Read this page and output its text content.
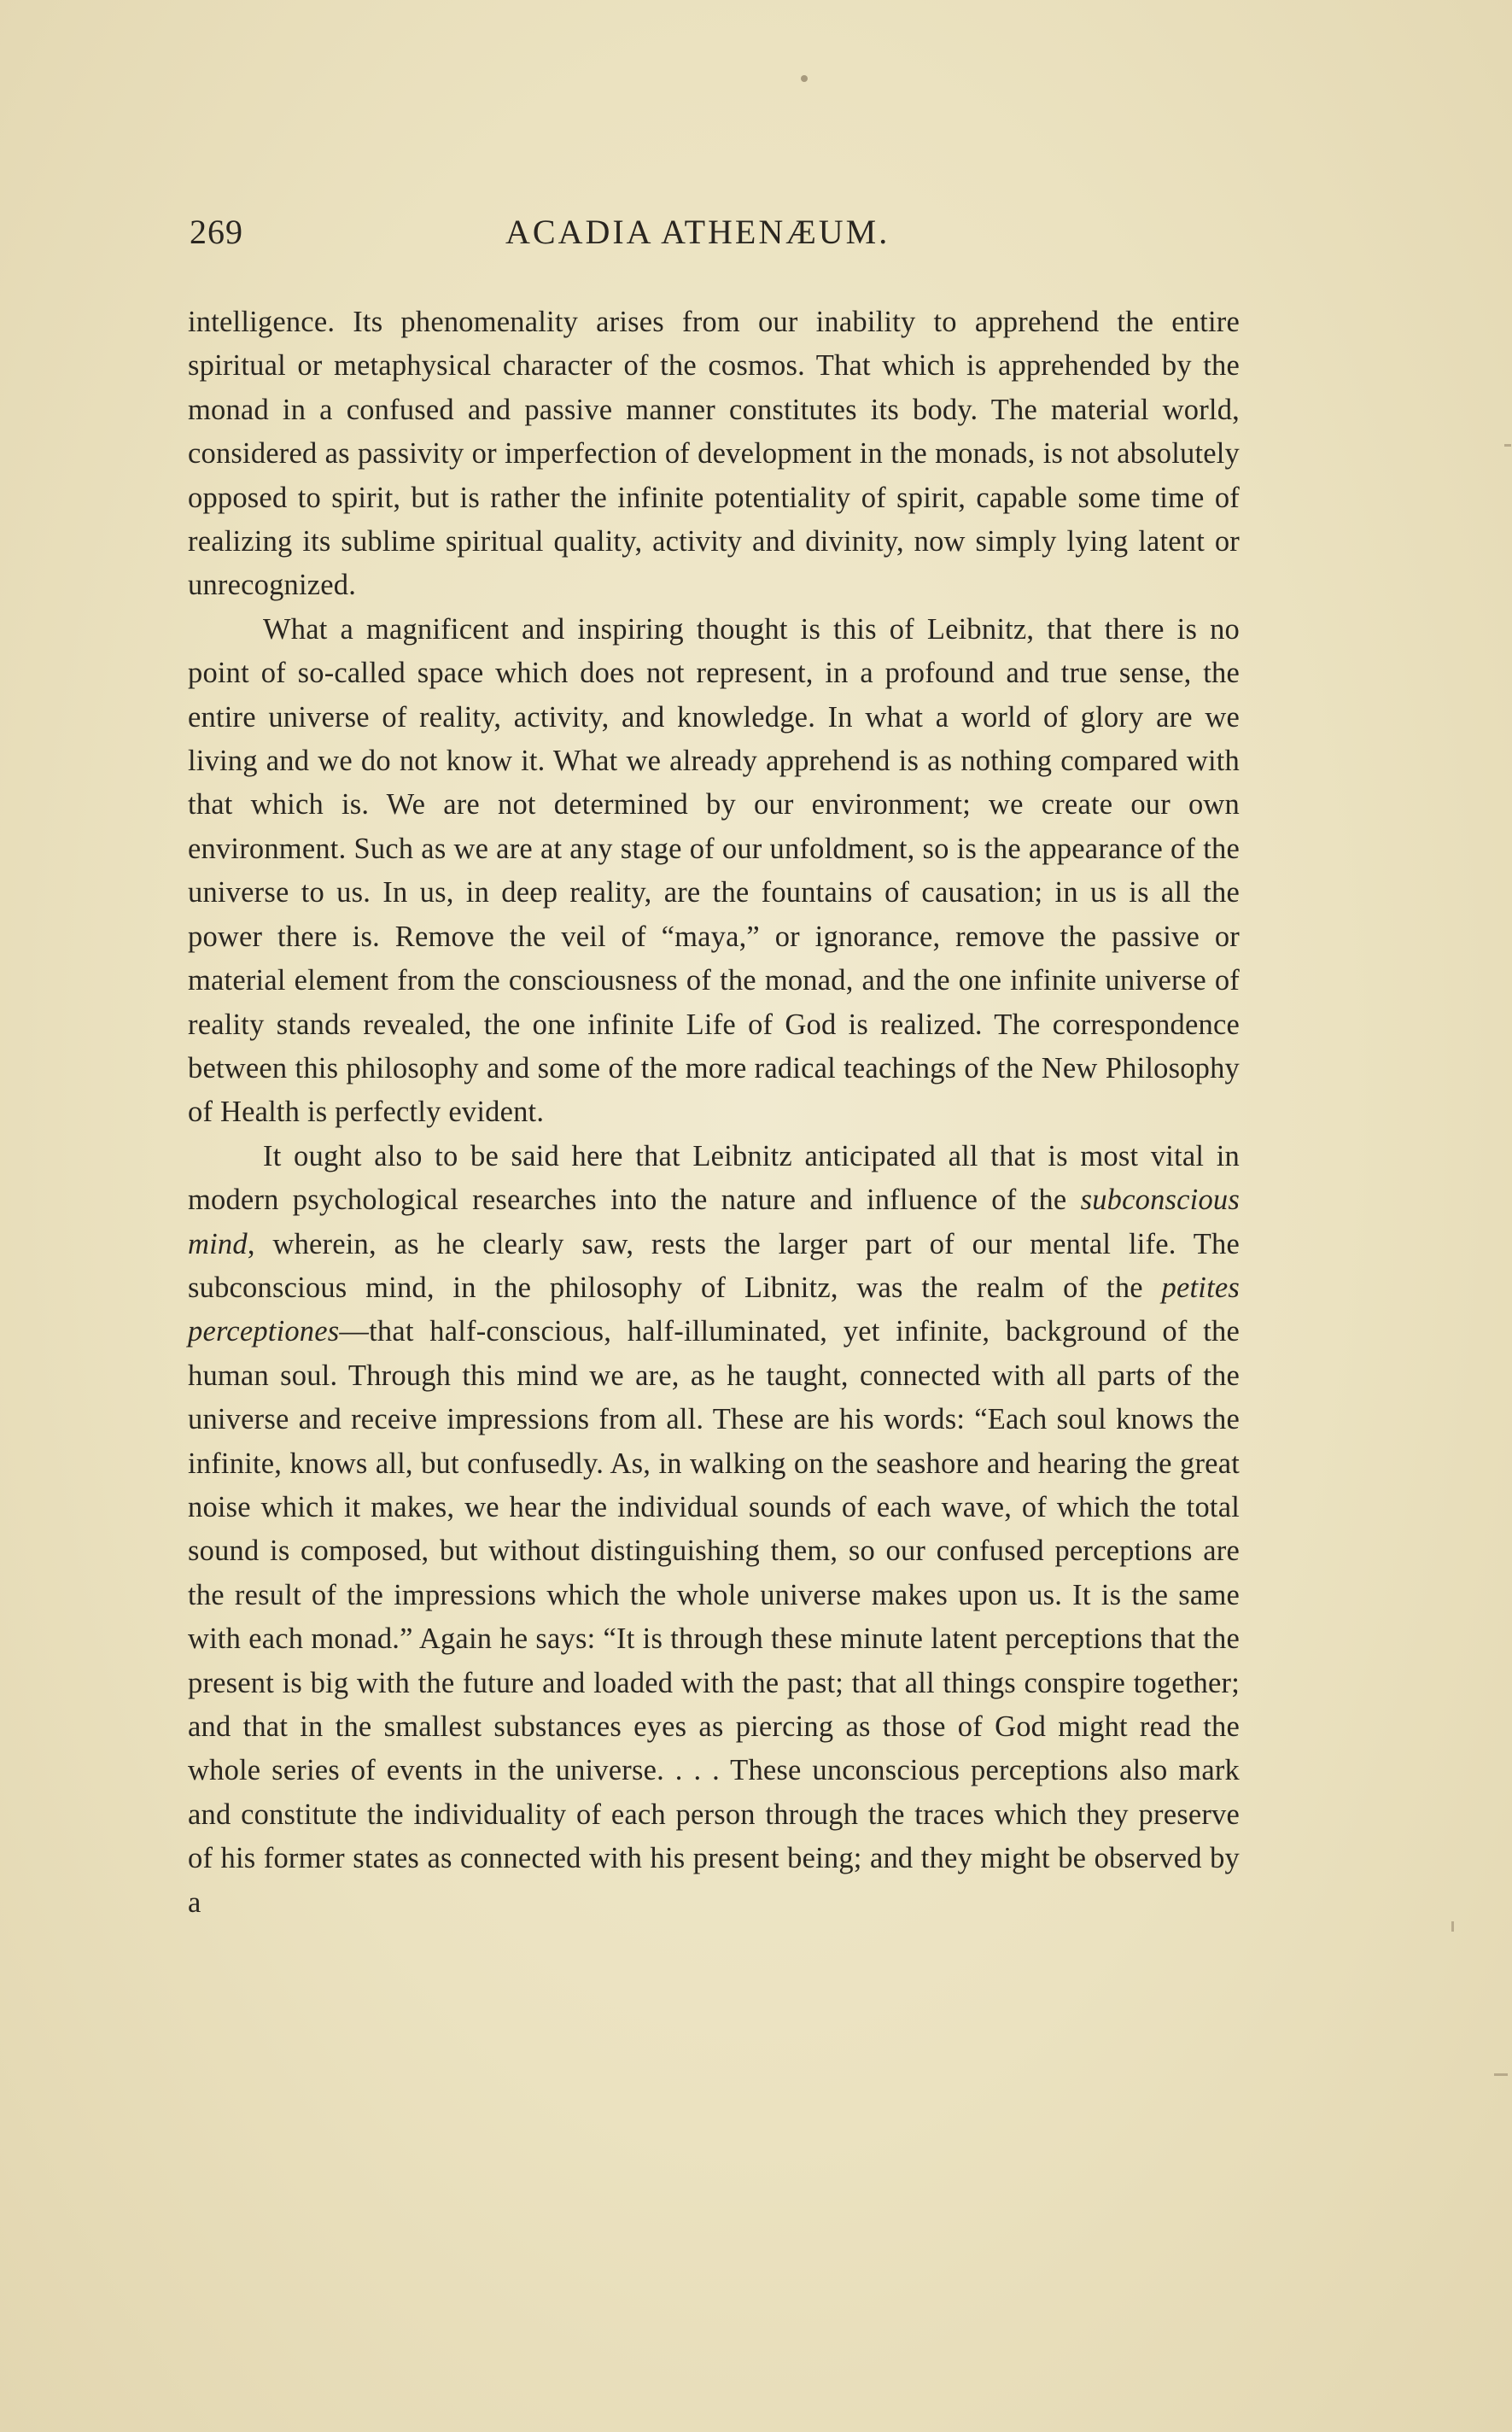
269	ACADIA ATHENÆUM.

intelligence. Its phenomenality arises from our inability to apprehend the entire spiritual or metaphysical character of the cosmos. That which is apprehended by the monad in a confused and passive manner constitutes its body. The material world, considered as passivity or imperfection of development in the monads, is not absolutely opposed to spirit, but is rather the infinite potentiality of spirit, capable some time of realizing its sublime spiritual quality, activity and divinity, now simply lying latent or unrecognized.

What a magnificent and inspiring thought is this of Leibnitz, that there is no point of so-called space which does not represent, in a profound and true sense, the entire universe of reality, activity, and knowledge. In what a world of glory are we living and we do not know it. What we already apprehend is as nothing compared with that which is. We are not determined by our environment; we create our own environment. Such as we are at any stage of our unfoldment, so is the appearance of the universe to us. In us, in deep reality, are the fountains of causation; in us is all the power there is. Remove the veil of “maya,” or ignorance, remove the passive or material element from the consciousness of the monad, and the one infinite universe of reality stands revealed, the one infinite Life of God is realized. The correspondence between this philosophy and some of the more radical teachings of the New Philosophy of Health is perfectly evident.

It ought also to be said here that Leibnitz anticipated all that is most vital in modern psychological researches into the nature and influence of the subconscious mind, wherein, as he clearly saw, rests the larger part of our mental life. The subconscious mind, in the philosophy of Libnitz, was the realm of the petites perceptiones—that half-conscious, half-illuminated, yet infinite, background of the human soul. Through this mind we are, as he taught, connected with all parts of the universe and receive impressions from all. These are his words: “Each soul knows the infinite, knows all, but confusedly. As, in walking on the seashore and hearing the great noise which it makes, we hear the individual sounds of each wave, of which the total sound is composed, but without distinguishing them, so our confused perceptions are the result of the impressions which the whole universe makes upon us. It is the same with each monad.” Again he says: “It is through these minute latent perceptions that the present is big with the future and loaded with the past; that all things conspire together; and that in the smallest substances eyes as piercing as those of God might read the whole series of events in the universe. . . . These unconscious perceptions also mark and constitute the individuality of each person through the traces which they preserve of his former states as connected with his present being; and they might be observed by a
